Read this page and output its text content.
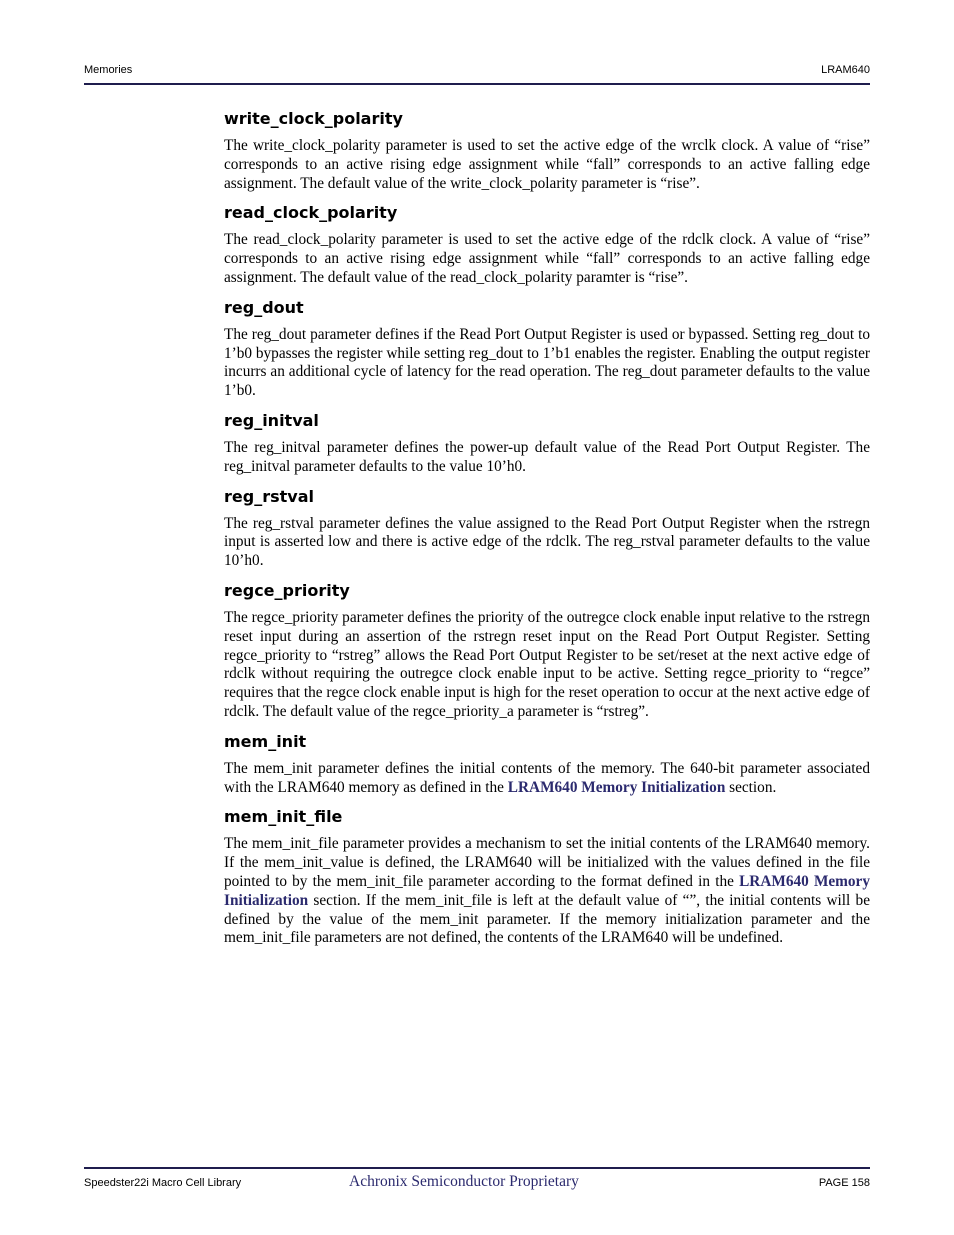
Memories	LRAM640
write_clock_polarity

The write_clock_polarity parameter is used to set the active edge of the wrclk clock. A value of “rise” corresponds to an active rising edge assignment while “fall” corresponds to an active falling edge assignment. The default value of the write_clock_polarity parameter is “rise”.

read_clock_polarity

The read_clock_polarity parameter is used to set the active edge of the rdclk clock. A value of “rise” corresponds to an active rising edge assignment while “fall” corresponds to an active falling edge assignment. The default value of the read_clock_polarity paramter is “rise”.

reg_dout

The reg_dout parameter defines if the Read Port Output Register is used or bypassed. Setting reg_dout to 1’b0 bypasses the register while setting reg_dout to 1’b1 enables the register. Enabling the output register incurrs an additional cycle of latency for the read operation. The reg_dout parameter defaults to the value 1’b0.

reg_initval

The reg_initval parameter defines the power-up default value of the Read Port Output Register. The reg_initval parameter defaults to the value 10’h0.

reg_rstval

The reg_rstval parameter defines the value assigned to the Read Port Output Register when the rstregn input is asserted low and there is active edge of the rdclk. The reg_rstval parameter defaults to the value 10’h0.

regce_priority

The regce_priority parameter defines the priority of the outregce clock enable input relative to the rstregn reset input during an assertion of the rstregn reset input on the Read Port Output Register. Setting regce_priority to “rstreg” allows the Read Port Output Register to be set/reset at the next active edge of rdclk without requiring the outregce clock enable input to be active. Setting regce_priority to “regce” requires that the regce clock enable input is high for the reset operation to occur at the next active edge of rdclk. The default value of the regce_priority_a parameter is “rstreg”.

mem_init

The mem_init parameter defines the initial contents of the memory. The 640-bit parameter associated with the LRAM640 memory as defined in the LRAM640 Memory Initialization section.

mem_init_file

The mem_init_file parameter provides a mechanism to set the initial contents of the LRAM640 memory. If the mem_init_value is defined, the LRAM640 will be initialized with the values defined in the file pointed to by the mem_init_file parameter according to the format defined in the LRAM640 Memory Initialization section. If the mem_init_file is left at the default value of “”, the initial contents will be defined by the value of the mem_init parameter. If the memory initialization parameter and the mem_init_file parameters are not defined, the contents of the LRAM640 will be undefined.

Speedster22i Macro Cell Library	Achronix Semiconductor Proprietary	PAGE 158
